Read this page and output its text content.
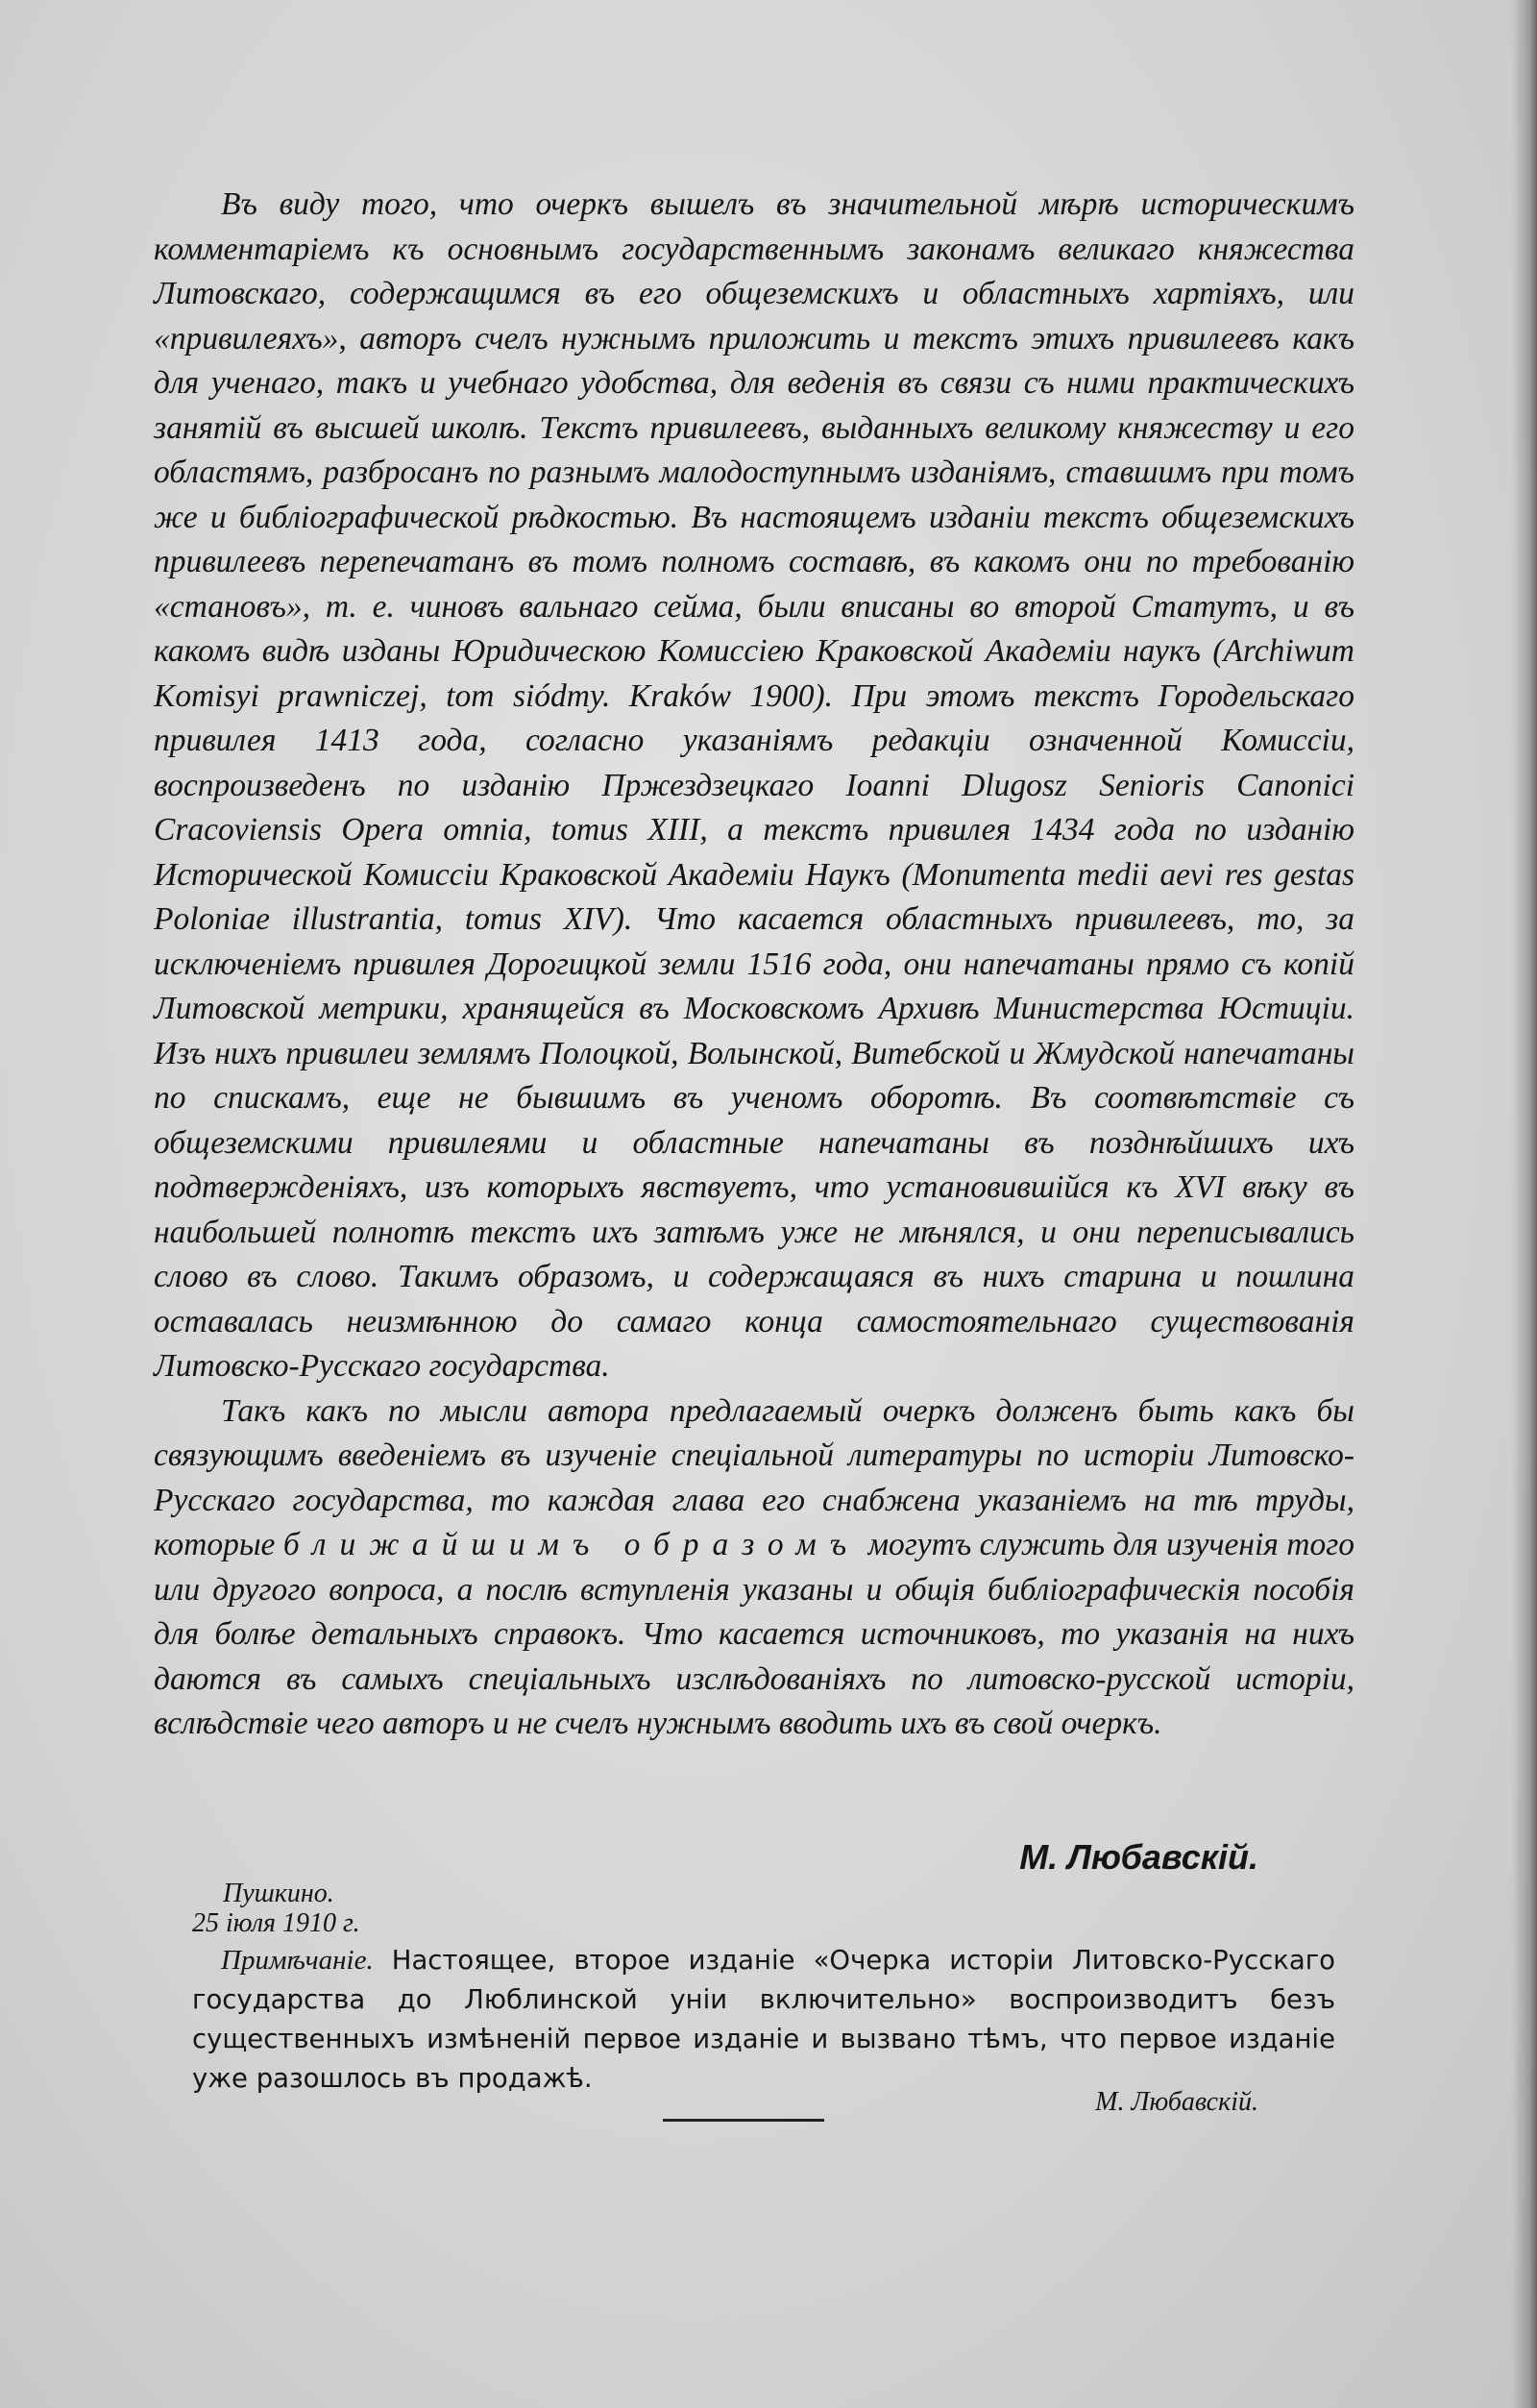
Въ виду того, что очеркъ вышелъ въ значительной мѣрѣ историческимъ комментаріемъ къ основнымъ государственнымъ законамъ великаго княжества Литовскаго, содержащимся въ его общеземскихъ и областныхъ хартіяхъ, или «привилеяхъ», авторъ счелъ нужнымъ приложить и текстъ этихъ привилеевъ какъ для ученаго, такъ и учебнаго удобства, для веденія въ связи съ ними практическихъ занятій въ высшей школѣ. Текстъ привилеевъ, выданныхъ великому княжеству и его областямъ, разбросанъ по разнымъ малодоступнымъ изданіямъ, ставшимъ при томъ же и библіографической рѣдкостью. Въ настоящемъ изданіи текстъ общеземскихъ привилеевъ перепечатанъ въ томъ полномъ составѣ, въ какомъ они по требованію «становъ», т. е. чиновъ вальнаго сейма, были вписаны во второй Статутъ, и въ какомъ видѣ изданы Юридическою Комиссіею Краковской Академіи наукъ (Archiwum Komisyi prawniczej, tom siódmy. Kraków 1900). При этомъ текстъ Городельскаго привилея 1413 года, согласно указаніямъ редакціи означенной Комиссіи, воспроизведенъ по изданію Пржездзецкаго Ioanni Dlugosz Senioris Canonici Cracoviensis Opera omnia, tomus XIII, а текстъ привилея 1434 года по изданію Исторической Комиссіи Краковской Академіи Наукъ (Monumenta medii aevi res gestas Poloniae illustrantia, tomus XIV). Что касается областныхъ привилеевъ, то, за исключеніемъ привилея Дорогицкой земли 1516 года, они напечатаны прямо съ копій Литовской метрики, хранящейся въ Московскомъ Архивѣ Министерства Юстиціи. Изъ нихъ привилеи землямъ Полоцкой, Волынской, Витебской и Жмудской напечатаны по спискамъ, еще не бывшимъ въ ученомъ оборотѣ. Въ соотвѣтствіе съ общеземскими привилеями и областные напечатаны въ позднѣйшихъ ихъ подтвержденіяхъ, изъ которыхъ явствуетъ, что установившійся къ XVI вѣку въ наибольшей полнотѣ текстъ ихъ затѣмъ уже не мѣнялся, и они переписывались слово въ слово. Такимъ образомъ, и содержащаяся въ нихъ старина и пошлина оставалась неизмѣнною до самаго конца самостоятельнаго существованія Литовско-Русскаго государства.

Такъ какъ по мысли автора предлагаемый очеркъ долженъ быть какъ бы связующимъ введеніемъ въ изученіе спеціальной литературы по исторіи Литовско-Русскаго государства, то каждая глава его снабжена указаніемъ на тѣ труды, которые ближайшимъ образомъ могутъ служить для изученія того или другого вопроса, а послѣ вступленія указаны и общія библіографическія пособія для болѣе детальныхъ справокъ. Что касается источниковъ, то указанія на нихъ даются въ самыхъ спеціальныхъ изслѣдованіяхъ по литовско-русской исторіи, вслѣдствіе чего авторъ и не счелъ нужнымъ вводить ихъ въ свой очеркъ.

М. Любавскій.
Пушкино.
25 іюля 1910 г.

Примѣчаніе. Настоящее, второе изданіе «Очерка исторіи Литовско-Русскаго государства до Люблинской уніи включительно» воспроизводитъ безъ существенныхъ измѣненій первое изданіе и вызвано тѣмъ, что первое изданіе уже разошлось въ продажѣ.

М. Любавскій.
